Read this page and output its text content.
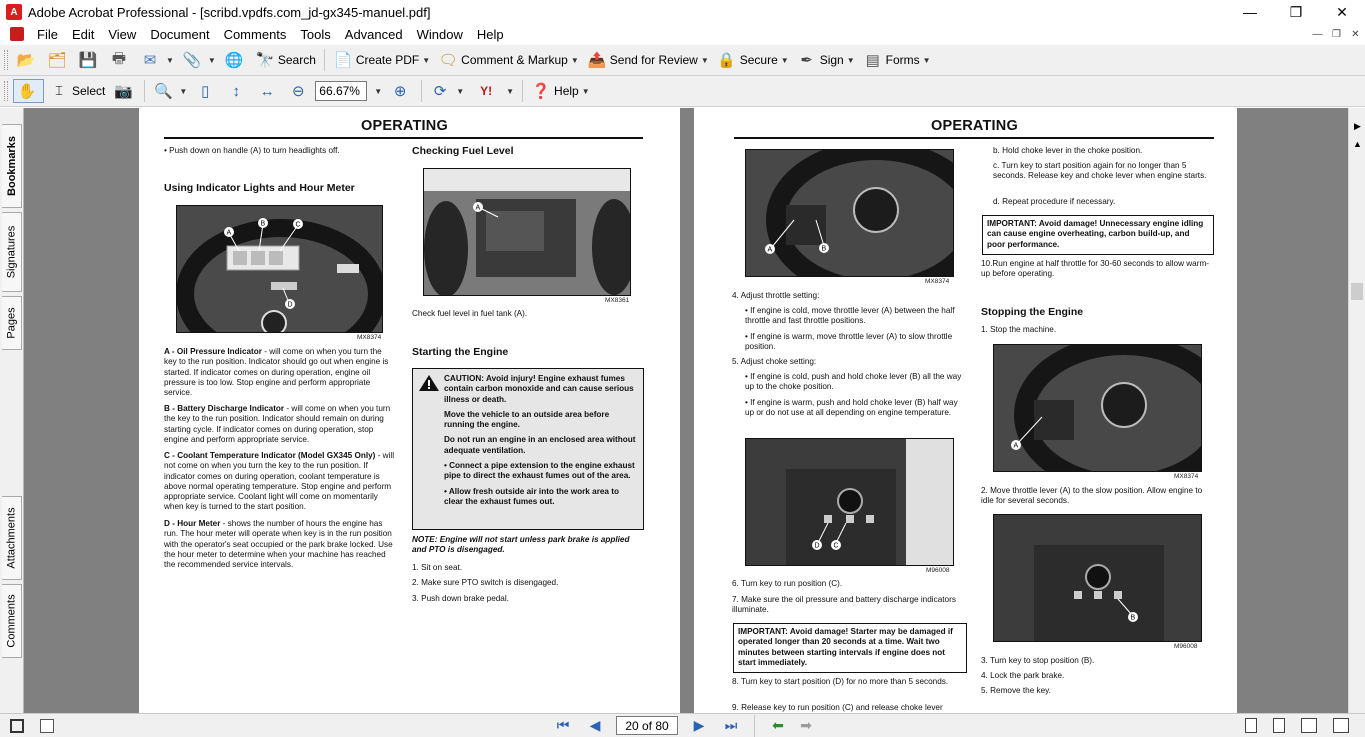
A Adobe Acrobat Professional - [scribd.vpdfs.com_jd-gx345-manuel.pdf]	—	❐	✕
File	Edit	View	Document	Comments	Tools	Advanced	Window	Help	— ❐	✕
📂 🗂 💾 🖶 ✉	▼ 📎 ▼ 🌐 🔭 Search 📄 Create PDF ▼ 🗨 Comment & Markup ▼ 📤 Send for Review ▼ 🔒 Secure ▼ ✒ Sign ▼ ▤ Forms ▼
✋	⌶ Select 📷 🔍 ▼ ▯	↕	↔ ⊖	66.67%	▼ ⊕ ⟳	▼	Y!	▼ ❓ Help ▼
Bookmarks
Signatures
Pages
Attachments
Comments
OPERATING
• Push down on handle (A) to turn headlights off.
Using Indicator Lights and Hour Meter
A
B	C
D
MX8374
A - Oil Pressure Indicator - will come on when you turn the key to the run position. Indicator should go out when engine is started. If indicator comes on during operation, engine oil pressure is too low. Stop engine and perform appropriate service.
B - Battery Discharge Indicator - will come on when you turn the key to the run position. Indicator should remain on during starting cycle. If indicator comes on during operation, stop engine and perform appropriate service.
C - Coolant Temperature Indicator (Model GX345 Only) - will not come on when you turn the key to the run position. If indicator comes on during operation, coolant temperature is above normal operating temperature. Stop engine and perform appropriate service. Coolant light will come on momentarily when key is turned to the start position.
D - Hour Meter - shows the number of hours the engine has run. The hour meter will operate when key is in the run position with the operator's seat occupied or the park brake locked. Use the hour meter to determine when your machine has reached the recommended service intervals.
Checking Fuel Level
A
MX8361
Check fuel level in fuel tank (A).
Starting the Engine
CAUTION: Avoid injury! Engine exhaust fumes contain carbon monoxide and can cause serious illness or death.
Move the vehicle to an outside area before running the engine.
Do not run an engine in an enclosed area without adequate ventilation.
• Connect a pipe extension to the engine exhaust pipe to direct the exhaust fumes out of the area.
• Allow fresh outside air into the work area to clear the exhaust fumes out.
NOTE: Engine will not start unless park brake is applied and PTO is disengaged.
1. Sit on seat.
2. Make sure PTO switch is disengaged.
3. Push down brake pedal.
OPERATING
A	B
MX8374
4. Adjust throttle setting:
• If engine is cold, move throttle lever (A) between the half throttle and fast throttle positions.
• If engine is warm, move throttle lever (A) to slow throttle position.
5. Adjust choke setting:
• If engine is cold, push and hold choke lever (B) all the way up to the choke position.
• If engine is warm, push and hold choke lever (B) half way up or do not use at all depending on engine temperature.
D C
M96008
6. Turn key to run position (C).
7. Make sure the oil pressure and battery discharge indicators illuminate.
IMPORTANT: Avoid damage! Starter may be damaged if operated longer than 20 seconds at a time. Wait two minutes between starting intervals if engine does not start immediately.
8. Turn key to start position (D) for no more than 5 seconds.
9. Release key to run position (C) and release choke lever
b. Hold choke lever in the choke position.
c. Turn key to start position again for no longer than 5 seconds. Release key and choke lever when engine starts.
d. Repeat procedure if necessary.
IMPORTANT: Avoid damage! Unnecessary engine idling can cause engine overheating, carbon build-up, and poor performance.
10.Run engine at half throttle for 30-60 seconds to allow warm-up before operating.
Stopping the Engine
1. Stop the machine.
A
MX8374
2. Move throttle lever (A) to the slow position. Allow engine to idle for several seconds.
B
M96008
3. Turn key to stop position (B).
4. Lock the park brake.
5. Remove the key.
▶
▲
⏮	◀	20 of 80	▶	⏭	⬅	➡
